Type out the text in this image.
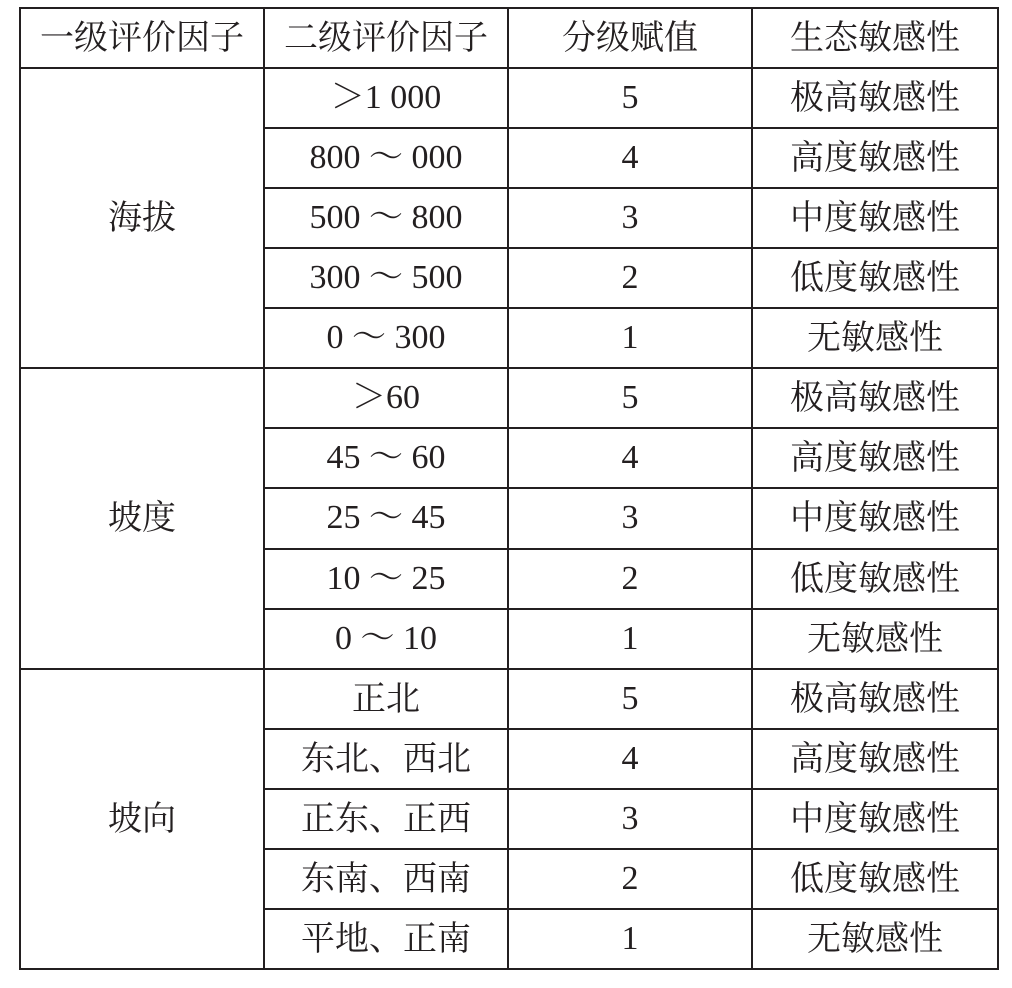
一级评价因子	二级评价因子	分级赋值	生态敏感性
海拔	＞1 000	5	极高敏感性
	800 ～ 000	4	高度敏感性
	500 ～ 800	3	中度敏感性
	300 ～ 500	2	低度敏感性
	0 ～ 300	1	无敏感性
坡度	＞60	5	极高敏感性
	45 ～ 60	4	高度敏感性
	25 ～ 45	3	中度敏感性
	10 ～ 25	2	低度敏感性
	0 ～ 10	1	无敏感性
坡向	正北	5	极高敏感性
	东北、西北	4	高度敏感性
	正东、正西	3	中度敏感性
	东南、西南	2	低度敏感性
	平地、正南	1	无敏感性
